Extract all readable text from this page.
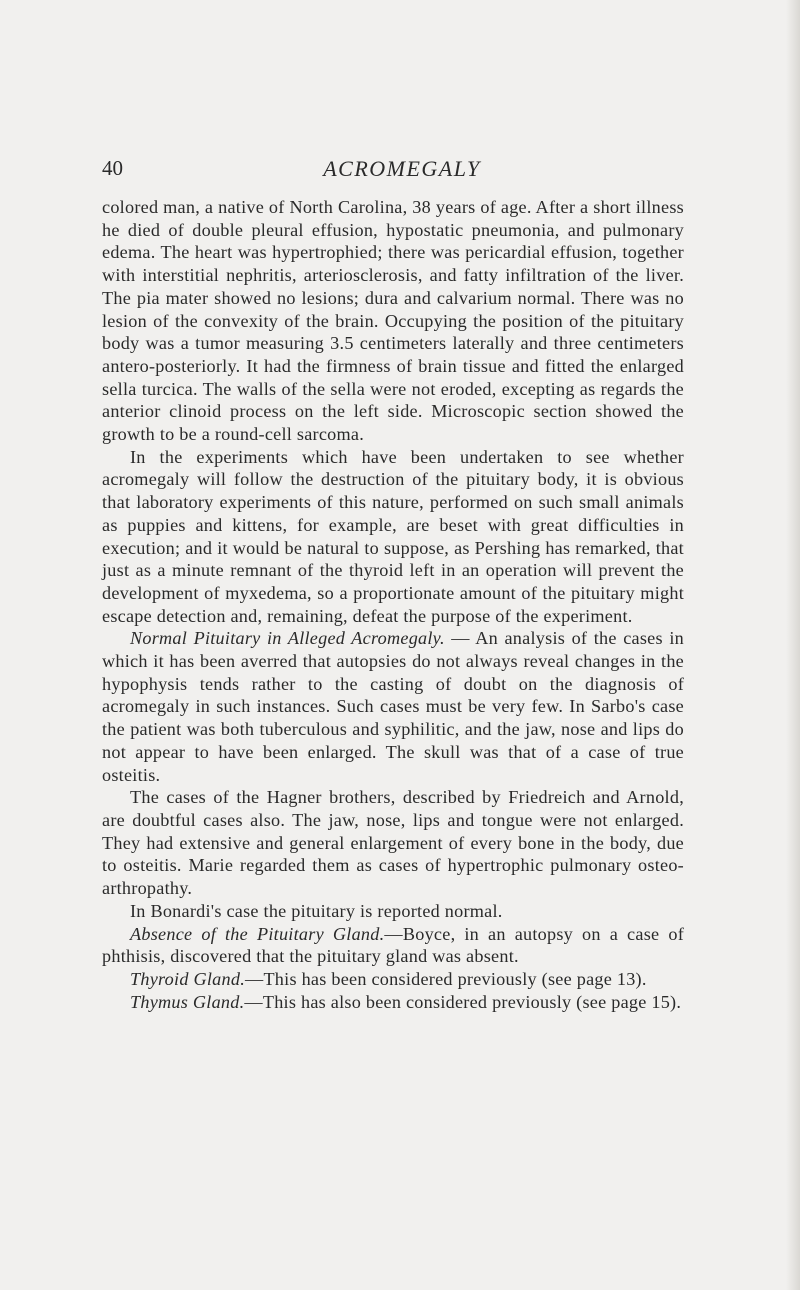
40	ACROMEGALY

colored man, a native of North Carolina, 38 years of age. After a short illness he died of double pleural effusion, hypostatic pneumonia, and pulmonary edema. The heart was hypertrophied; there was pericardial effusion, together with interstitial nephritis, arteriosclerosis, and fatty infiltration of the liver. The pia mater showed no lesions; dura and calvarium normal. There was no lesion of the convexity of the brain. Occupying the position of the pituitary body was a tumor measuring 3.5 centimeters laterally and three centimeters antero-posteriorly. It had the firmness of brain tissue and fitted the enlarged sella turcica. The walls of the sella were not eroded, excepting as regards the anterior clinoid process on the left side. Microscopic section showed the growth to be a round-cell sarcoma.

In the experiments which have been undertaken to see whether acromegaly will follow the destruction of the pituitary body, it is obvious that laboratory experiments of this nature, performed on such small animals as puppies and kittens, for example, are beset with great difficulties in execution; and it would be natural to suppose, as Pershing has remarked, that just as a minute remnant of the thyroid left in an operation will prevent the development of myxedema, so a proportionate amount of the pituitary might escape detection and, remaining, defeat the purpose of the experiment.

Normal Pituitary in Alleged Acromegaly. — An analysis of the cases in which it has been averred that autopsies do not always reveal changes in the hypophysis tends rather to the casting of doubt on the diagnosis of acromegaly in such instances. Such cases must be very few. In Sarbo's case the patient was both tuberculous and syphilitic, and the jaw, nose and lips do not appear to have been enlarged. The skull was that of a case of true osteitis.

The cases of the Hagner brothers, described by Friedreich and Arnold, are doubtful cases also. The jaw, nose, lips and tongue were not enlarged. They had extensive and general enlargement of every bone in the body, due to osteitis. Marie regarded them as cases of hypertrophic pulmonary osteo-arthropathy.

In Bonardi's case the pituitary is reported normal.

Absence of the Pituitary Gland.—Boyce, in an autopsy on a case of phthisis, discovered that the pituitary gland was absent.

Thyroid Gland.—This has been considered previously (see page 13).

Thymus Gland.—This has also been considered previously (see page 15).
